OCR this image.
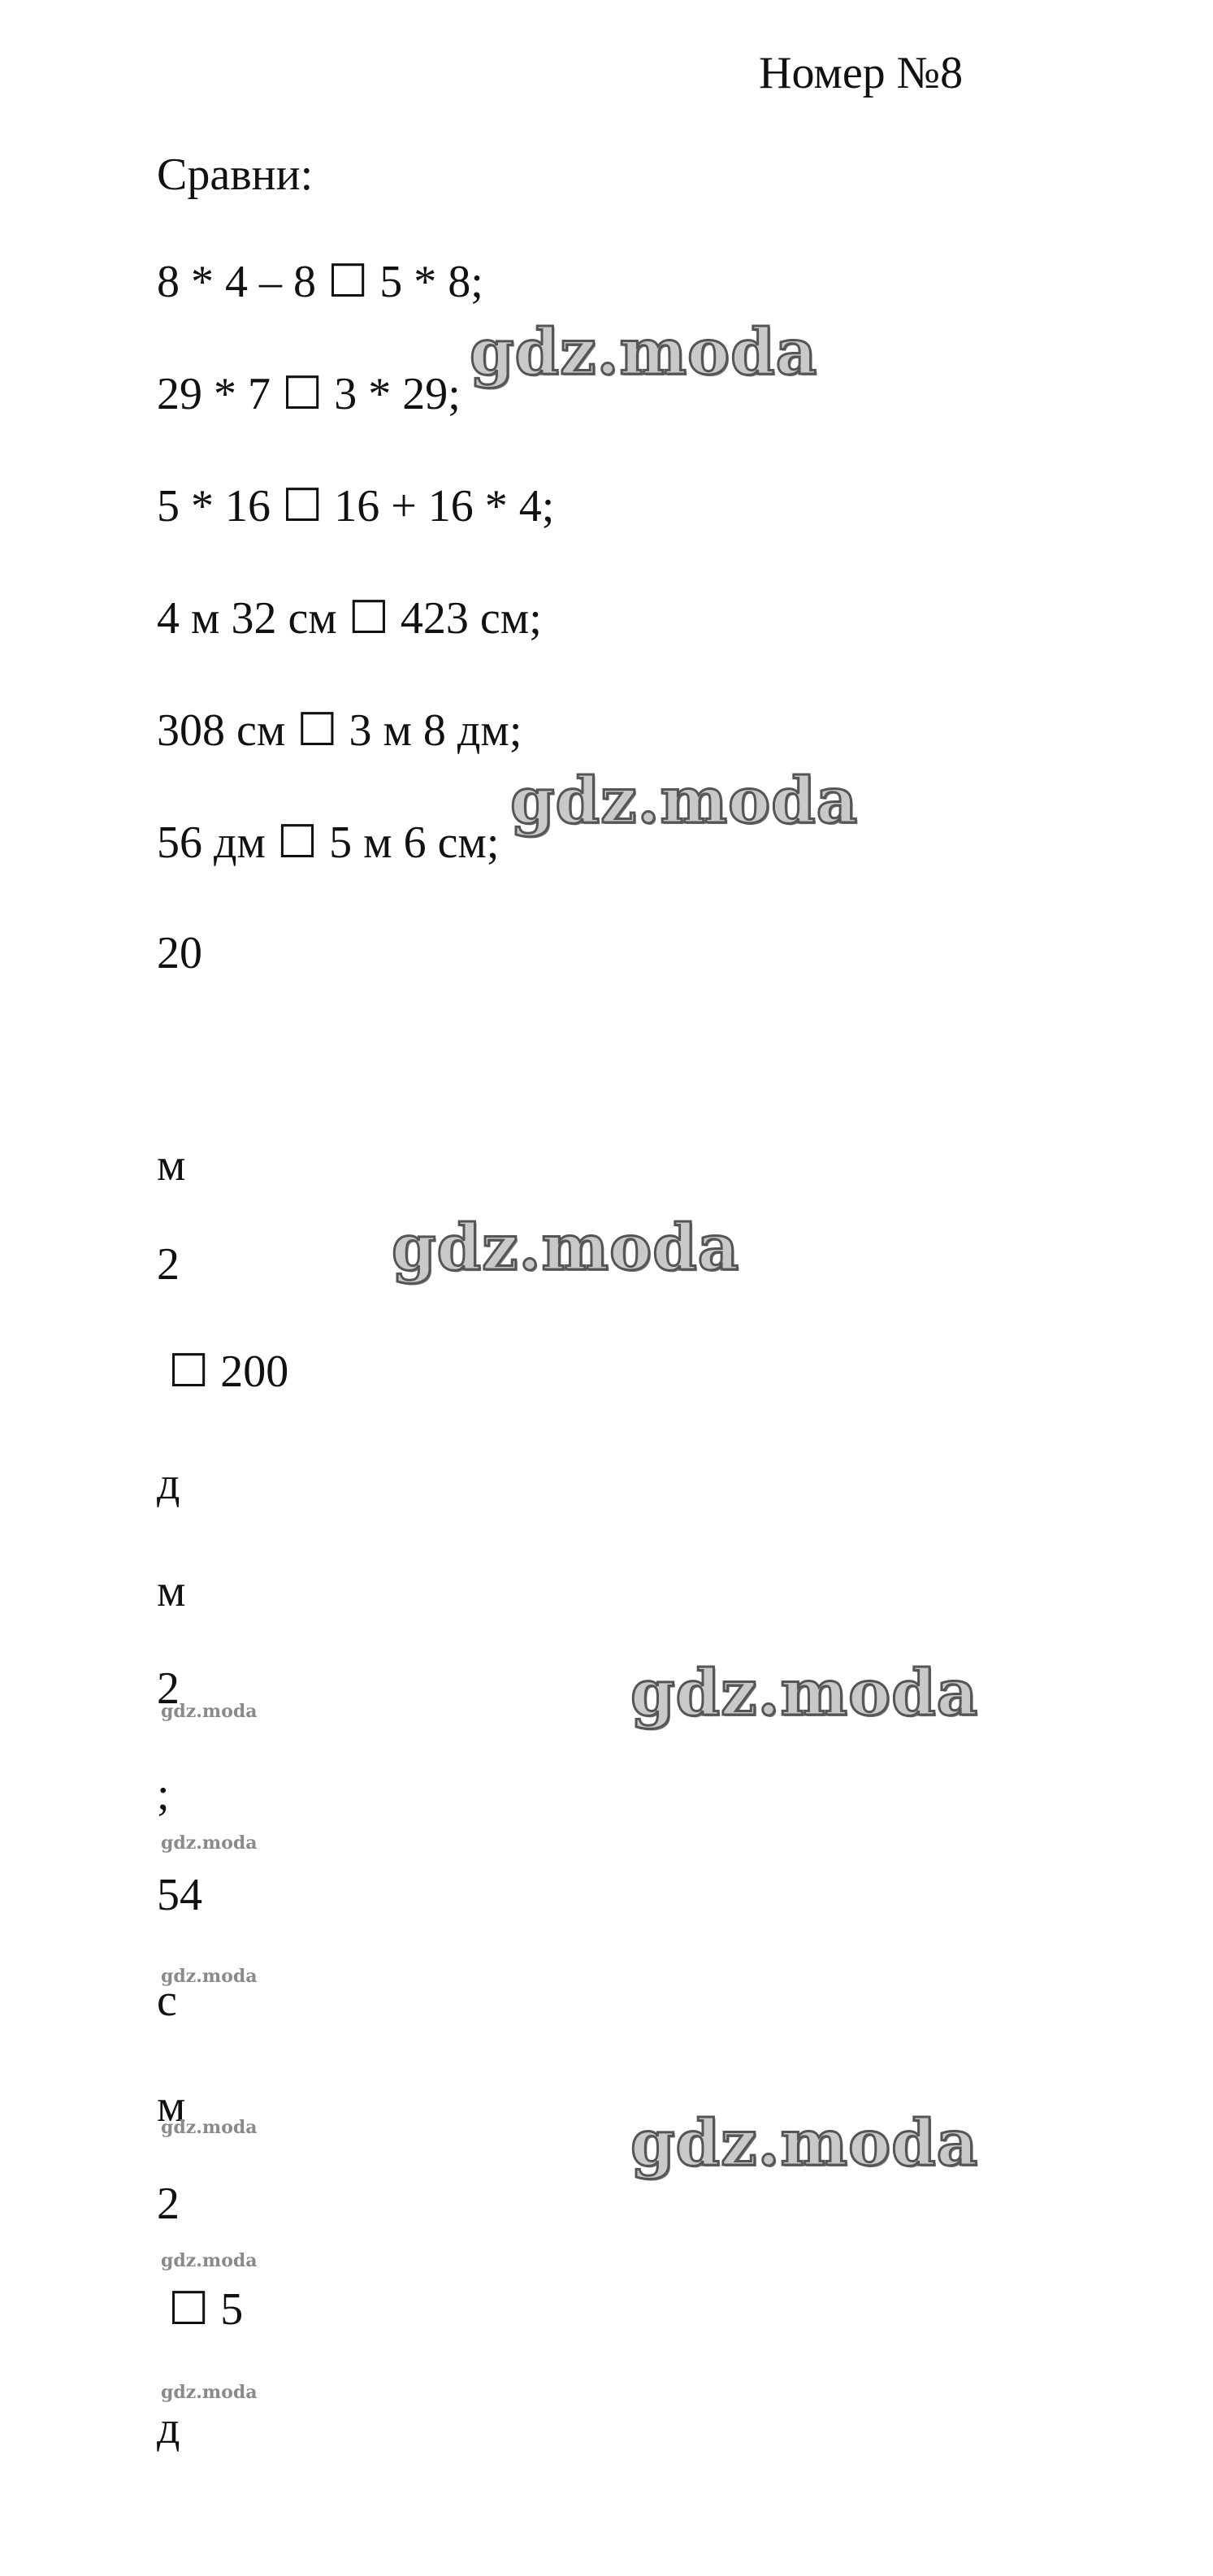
Номер №8
Сравни:
8 * 4 – 8 ☐ 5 * 8;
29 * 7 ☐ 3 * 29;
5 * 16 ☐ 16 + 16 * 4;
4 м 32 см ☐ 423 см;
308 см ☐ 3 м 8 дм;
56 дм ☐ 5 м 6 см;
20
м
2
☐ 200
д
м
2
;
54
с
м
2
☐ 5
д
gdz.moda
gdz.moda
gdz.moda
gdz.moda
gdz.moda
gdz.moda
gdz.moda
gdz.moda
gdz.moda
gdz.moda
gdz.moda
